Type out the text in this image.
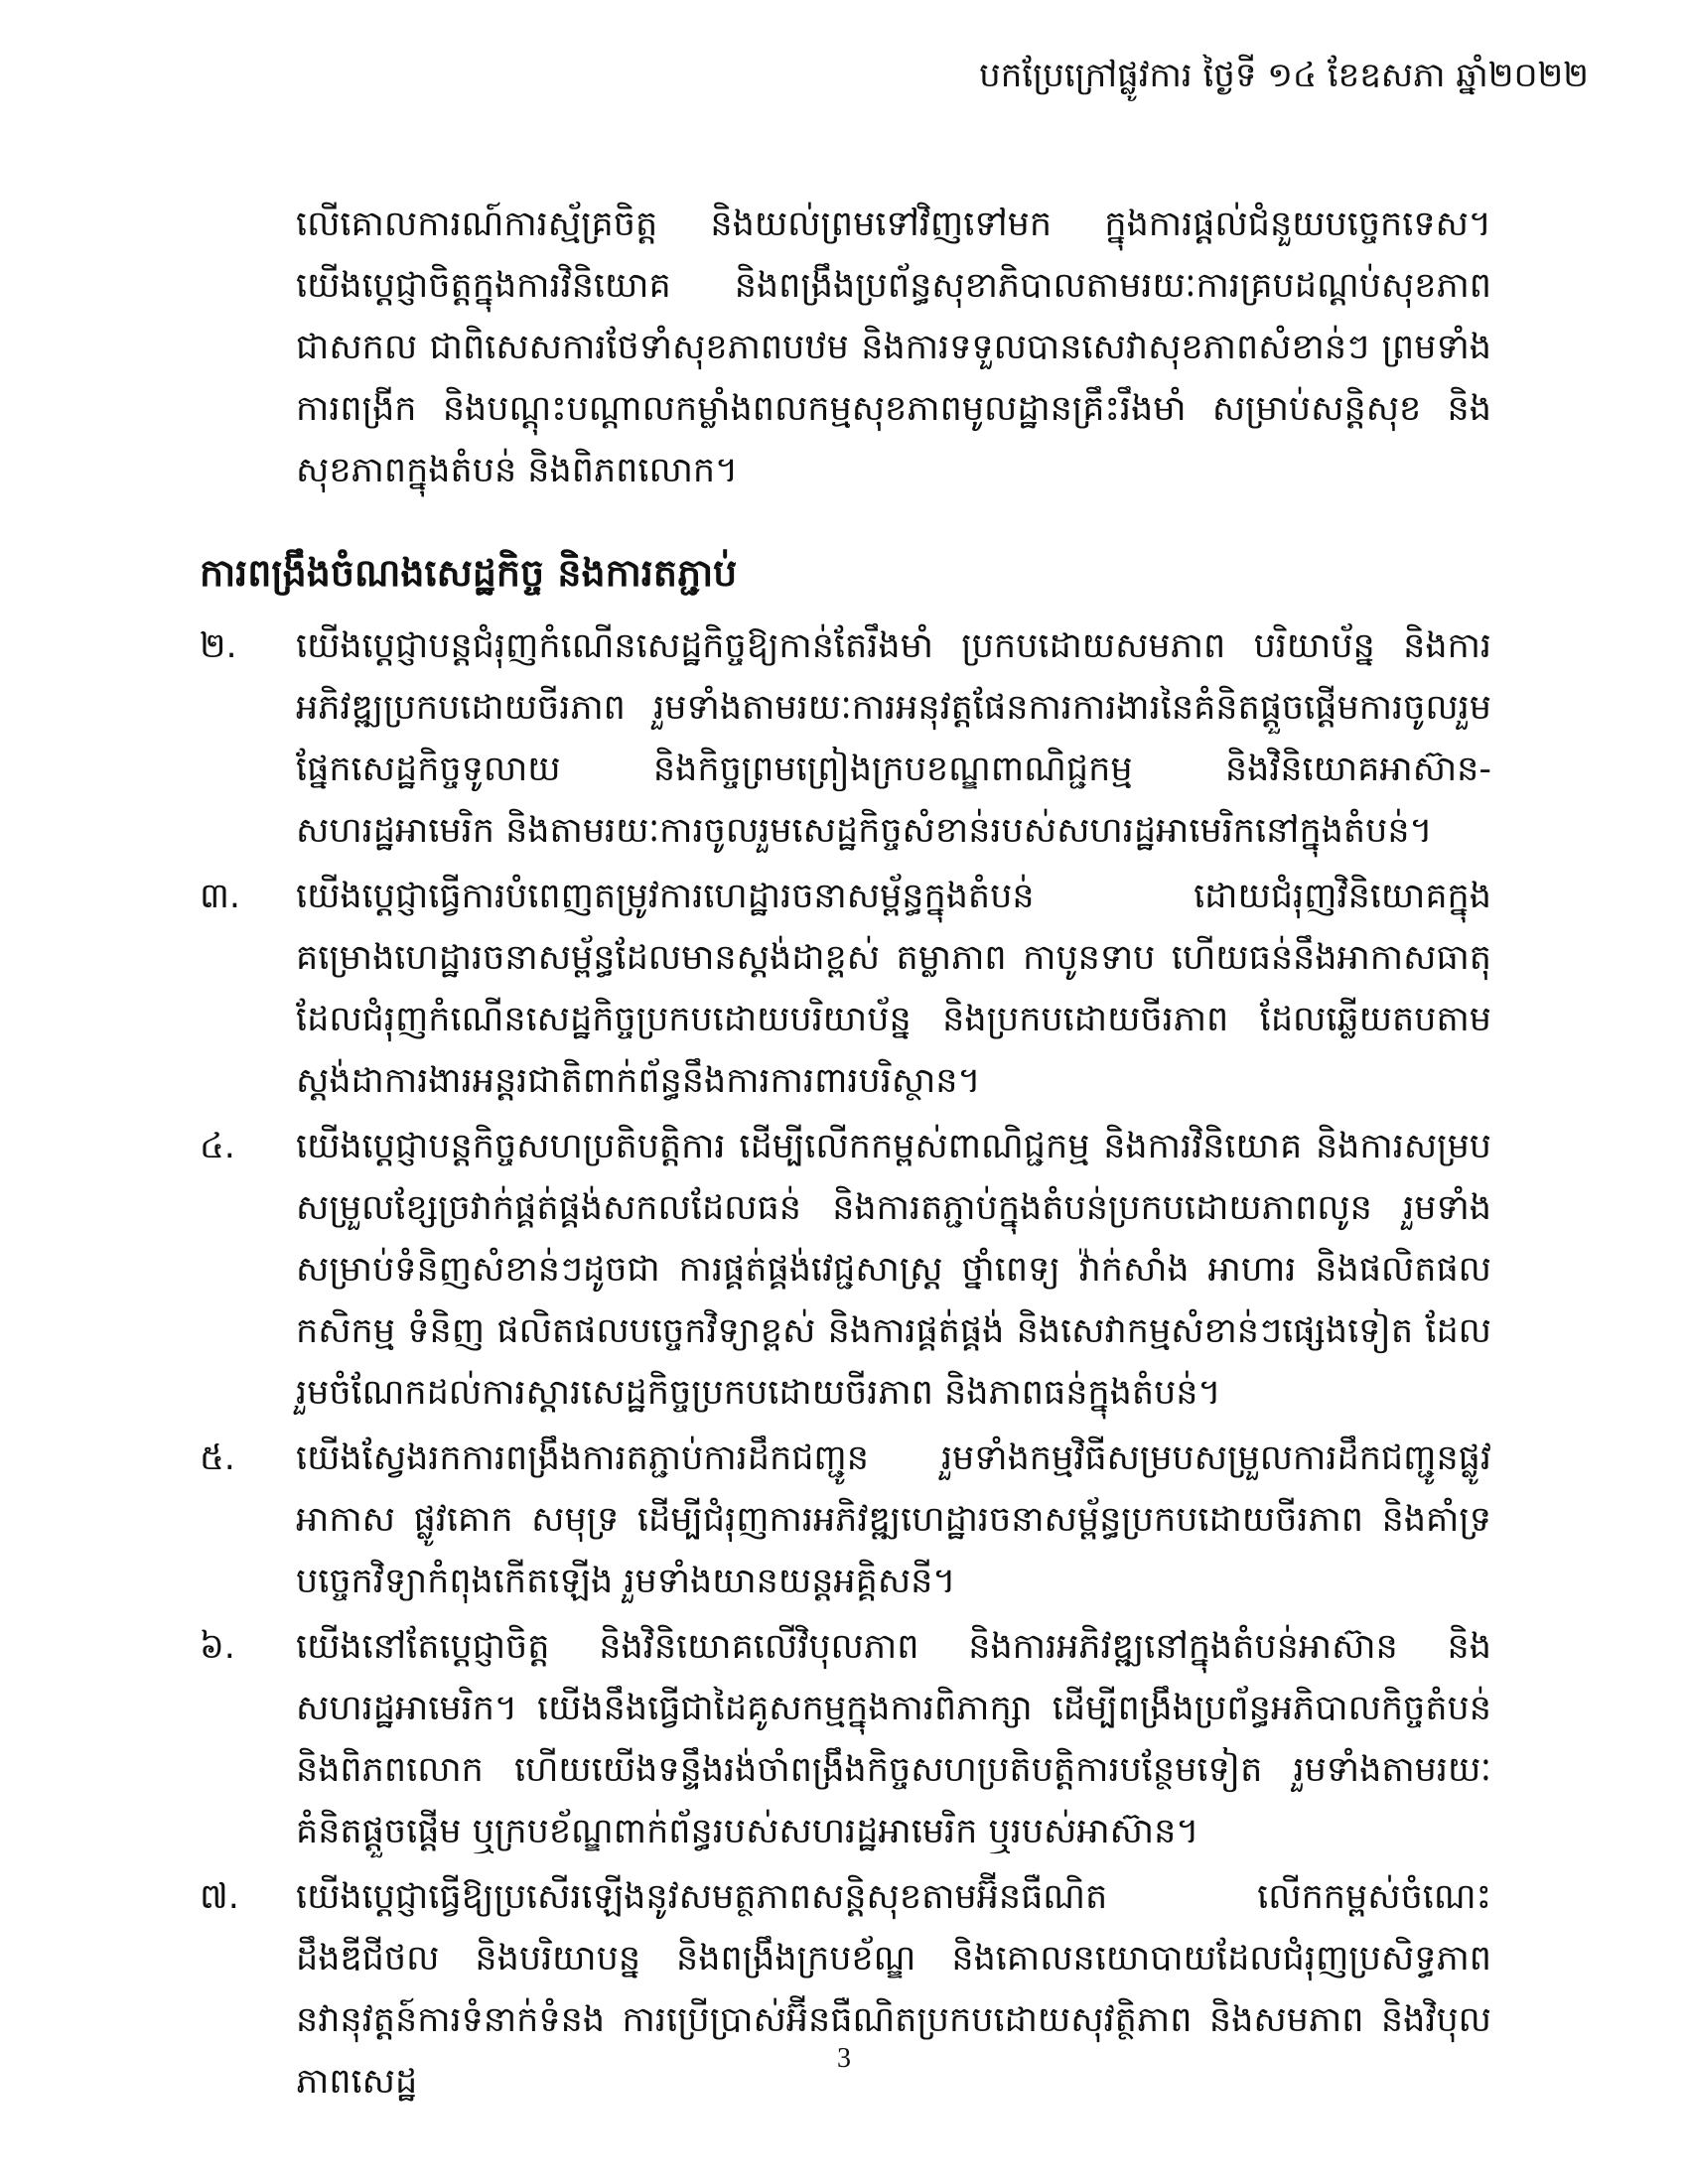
បកប្រែក្រៅផ្លូវការ ថ្ងៃទី ១៤ ខែឧសភា ឆ្នាំ២០២២
លើគោលការណ៍ការស្ម័គ្រចិត្ត និងយល់ព្រមទៅវិញទៅមក ក្នុងការផ្តល់ជំនួយបច្ចេកទេស។ យើងប្តេជ្ញាចិត្តក្នុងការវិនិយោគ និងពង្រឹងប្រព័ន្ធសុខាភិបាលតាមរយៈការគ្របដណ្តប់សុខភាពជាសកល ជាពិសេសការថែទាំសុខភាពបឋម និងការទទួលបានសេវាសុខភាពសំខាន់ៗ ព្រមទាំងការពង្រីក និងបណ្តុះបណ្តាលកម្លាំងពលកម្មសុខភាពមូលដ្ឋានគ្រឹះរឹងមាំ សម្រាប់សន្តិសុខ និងសុខភាពក្នុងតំបន់ និងពិភពលោក។
ការពង្រឹងចំណងសេដ្ឋកិច្ច និងការតភ្ជាប់
២.	យើងប្តេជ្ញាបន្តជំរុញកំណើនសេដ្ឋកិច្ចឱ្យកាន់តែរឹងមាំ ប្រកបដោយសមភាព បរិយាប័ន្ន និងការអភិវឌ្ឍប្រកបដោយចីរភាព រួមទាំងតាមរយៈការអនុវត្តផែនការការងារនៃគំនិតផ្តួចផ្តើមការចូលរួមផ្នែកសេដ្ឋកិច្ចទូលាយ និងកិច្ចព្រមព្រៀងក្របខណ្ឌពាណិជ្ជកម្ម និងវិនិយោគអាស៊ាន-សហរដ្ឋអាមេរិក និងតាមរយៈការចូលរួមសេដ្ឋកិច្ចសំខាន់របស់សហរដ្ឋអាមេរិកនៅក្នុងតំបន់។
៣.	យើងប្តេជ្ញាធ្វើការបំពេញតម្រូវការហេដ្ឋារចនាសម្ព័ន្ធក្នុងតំបន់ ដោយជំរុញវិនិយោគក្នុងគម្រោងហេដ្ឋារចនាសម្ព័ន្ធដែលមានស្តង់ដាខ្ពស់ តម្លាភាព កាបូនទាប ហើយធន់នឹងអាកាសធាតុ ដែលជំរុញកំណើនសេដ្ឋកិច្ចប្រកបដោយបរិយាប័ន្ន និងប្រកបដោយចីរភាព ដែលឆ្លើយតបតាមស្តង់ដាការងារអន្តរជាតិពាក់ព័ន្ធនឹងការការពារបរិស្ថាន។
៤.	យើងប្តេជ្ញាបន្តកិច្ចសហប្រតិបត្តិការ ដើម្បីលើកកម្ពស់ពាណិជ្ជកម្ម និងការវិនិយោគ និងការសម្របសម្រួលខ្សែច្រវាក់ផ្គត់ផ្គង់សកលដែលធន់ និងការតភ្ជាប់ក្នុងតំបន់ប្រកបដោយភាពលូន រួមទាំងសម្រាប់ទំនិញសំខាន់ៗដូចជា ការផ្គត់ផ្គង់វេជ្ជសាស្ត្រ ថ្នាំពេទ្យ វ៉ាក់សាំង អាហារ និងផលិតផលកសិកម្ម ទំនិញ ផលិតផលបច្ចេកវិទ្យាខ្ពស់ និងការផ្គត់ផ្គង់ និងសេវាកម្មសំខាន់ៗផ្សេងទៀត ដែលរួមចំណែកដល់ការស្តារសេដ្ឋកិច្ចប្រកបដោយចីរភាព និងភាពធន់ក្នុងតំបន់។
៥.	យើងស្វែងរកការពង្រឹងការតភ្ជាប់ការដឹកជញ្ជូន រួមទាំងកម្មវិធីសម្របសម្រួលការដឹកជញ្ជូនផ្លូវអាកាស ផ្លូវគោក សមុទ្រ ដើម្បីជំរុញការអភិវឌ្ឍហេដ្ឋារចនាសម្ព័ន្ធប្រកបដោយចីរភាព និងគាំទ្របច្ចេកវិទ្យាកំពុងកើតឡើង រួមទាំងយានយន្តអគ្គិសនី។
៦.	យើងនៅតែប្តេជ្ញាចិត្ត និងវិនិយោគលើវិបុលភាព និងការអភិវឌ្ឍនៅក្នុងតំបន់អាស៊ាន និងសហរដ្ឋអាមេរិក។ យើងនឹងធ្វើជាដៃគូសកម្មក្នុងការពិភាក្សា ដើម្បីពង្រឹងប្រព័ន្ធអភិបាលកិច្ចតំបន់ និងពិភពលោក ហើយយើងទន្ទឹងរង់ចាំពង្រឹងកិច្ចសហប្រតិបត្តិការបន្ថែមទៀត រួមទាំងតាមរយៈគំនិតផ្តួចផ្តើម ឬក្របខ័ណ្ឌពាក់ព័ន្ធរបស់សហរដ្ឋអាមេរិក ឬរបស់អាស៊ាន។
៧.	យើងប្តេជ្ញាធ្វើឱ្យប្រសើរឡើងនូវសមត្ថភាពសន្តិសុខតាមអ៊ីនធឺណិត លើកកម្ពស់ចំណេះដឹងឌីជីថល និងបរិយាបន្ន និងពង្រឹងក្របខ័ណ្ឌ និងគោលនយោបាយដែលជំរុញប្រសិទ្ធភាព នវានុវត្តន៍ការទំនាក់ទំនង ការប្រើប្រាស់អ៊ីនធឺណិតប្រកបដោយសុវត្ថិភាព និងសមភាព និងវិបុលភាពសេដ្ឋ
3
